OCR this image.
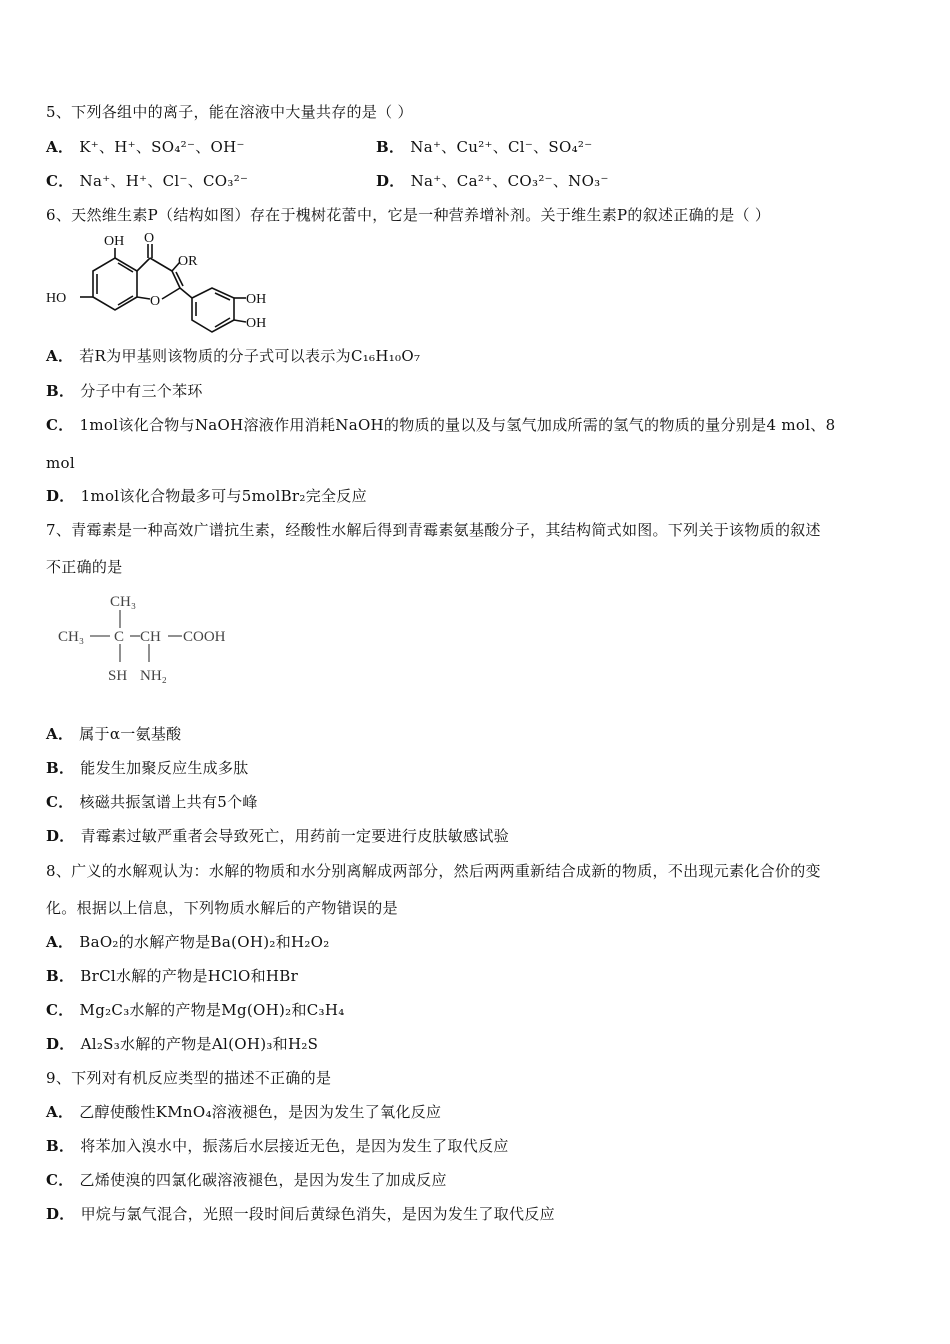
5、下列各组中的离子，能在溶液中大量共存的是（ ）
A． K⁺、H⁺、SO₄²⁻、OH⁻	B． Na⁺、Cu²⁺、Cl⁻、SO₄²⁻
C． Na⁺、H⁺、Cl⁻、CO₃²⁻	D． Na⁺、Ca²⁺、CO₃²⁻、NO₃⁻
6、天然维生素P（结构如图）存在于槐树花蕾中，它是一种营养增补剂。关于维生素P的叙述正确的是（ ）
OH O
OR
HO	O	OH
OH
A． 若R为甲基则该物质的分子式可以表示为C₁₆H₁₀O₇
B． 分子中有三个苯环
C． 1mol该化合物与NaOH溶液作用消耗NaOH的物质的量以及与氢气加成所需的氢气的物质的量分别是4 mol、8
mol
D． 1mol该化合物最多可与5molBr₂完全反应
7、青霉素是一种高效广谱抗生素，经酸性水解后得到青霉素氨基酸分子，其结构简式如图。下列关于该物质的叙述
不正确的是
CH₃
CH₃ C CH COOH
SH NH₂
A． 属于α一氨基酸
B． 能发生加聚反应生成多肽
C． 核磁共振氢谱上共有5个峰
D． 青霉素过敏严重者会导致死亡，用药前一定要进行皮肤敏感试验
8、广义的水解观认为：水解的物质和水分别离解成两部分，然后两两重新结合成新的物质，不出现元素化合价的变
化。根据以上信息，下列物质水解后的产物错误的是
A． BaO₂的水解产物是Ba(OH)₂和H₂O₂
B． BrCl水解的产物是HClO和HBr
C． Mg₂C₃水解的产物是Mg(OH)₂和C₃H₄
D． Al₂S₃水解的产物是Al(OH)₃和H₂S
9、下列对有机反应类型的描述不正确的是
A． 乙醇使酸性KMnO₄溶液褪色，是因为发生了氧化反应
B． 将苯加入溴水中，振荡后水层接近无色，是因为发生了取代反应
C． 乙烯使溴的四氯化碳溶液褪色，是因为发生了加成反应
D． 甲烷与氯气混合，光照一段时间后黄绿色消失，是因为发生了取代反应
